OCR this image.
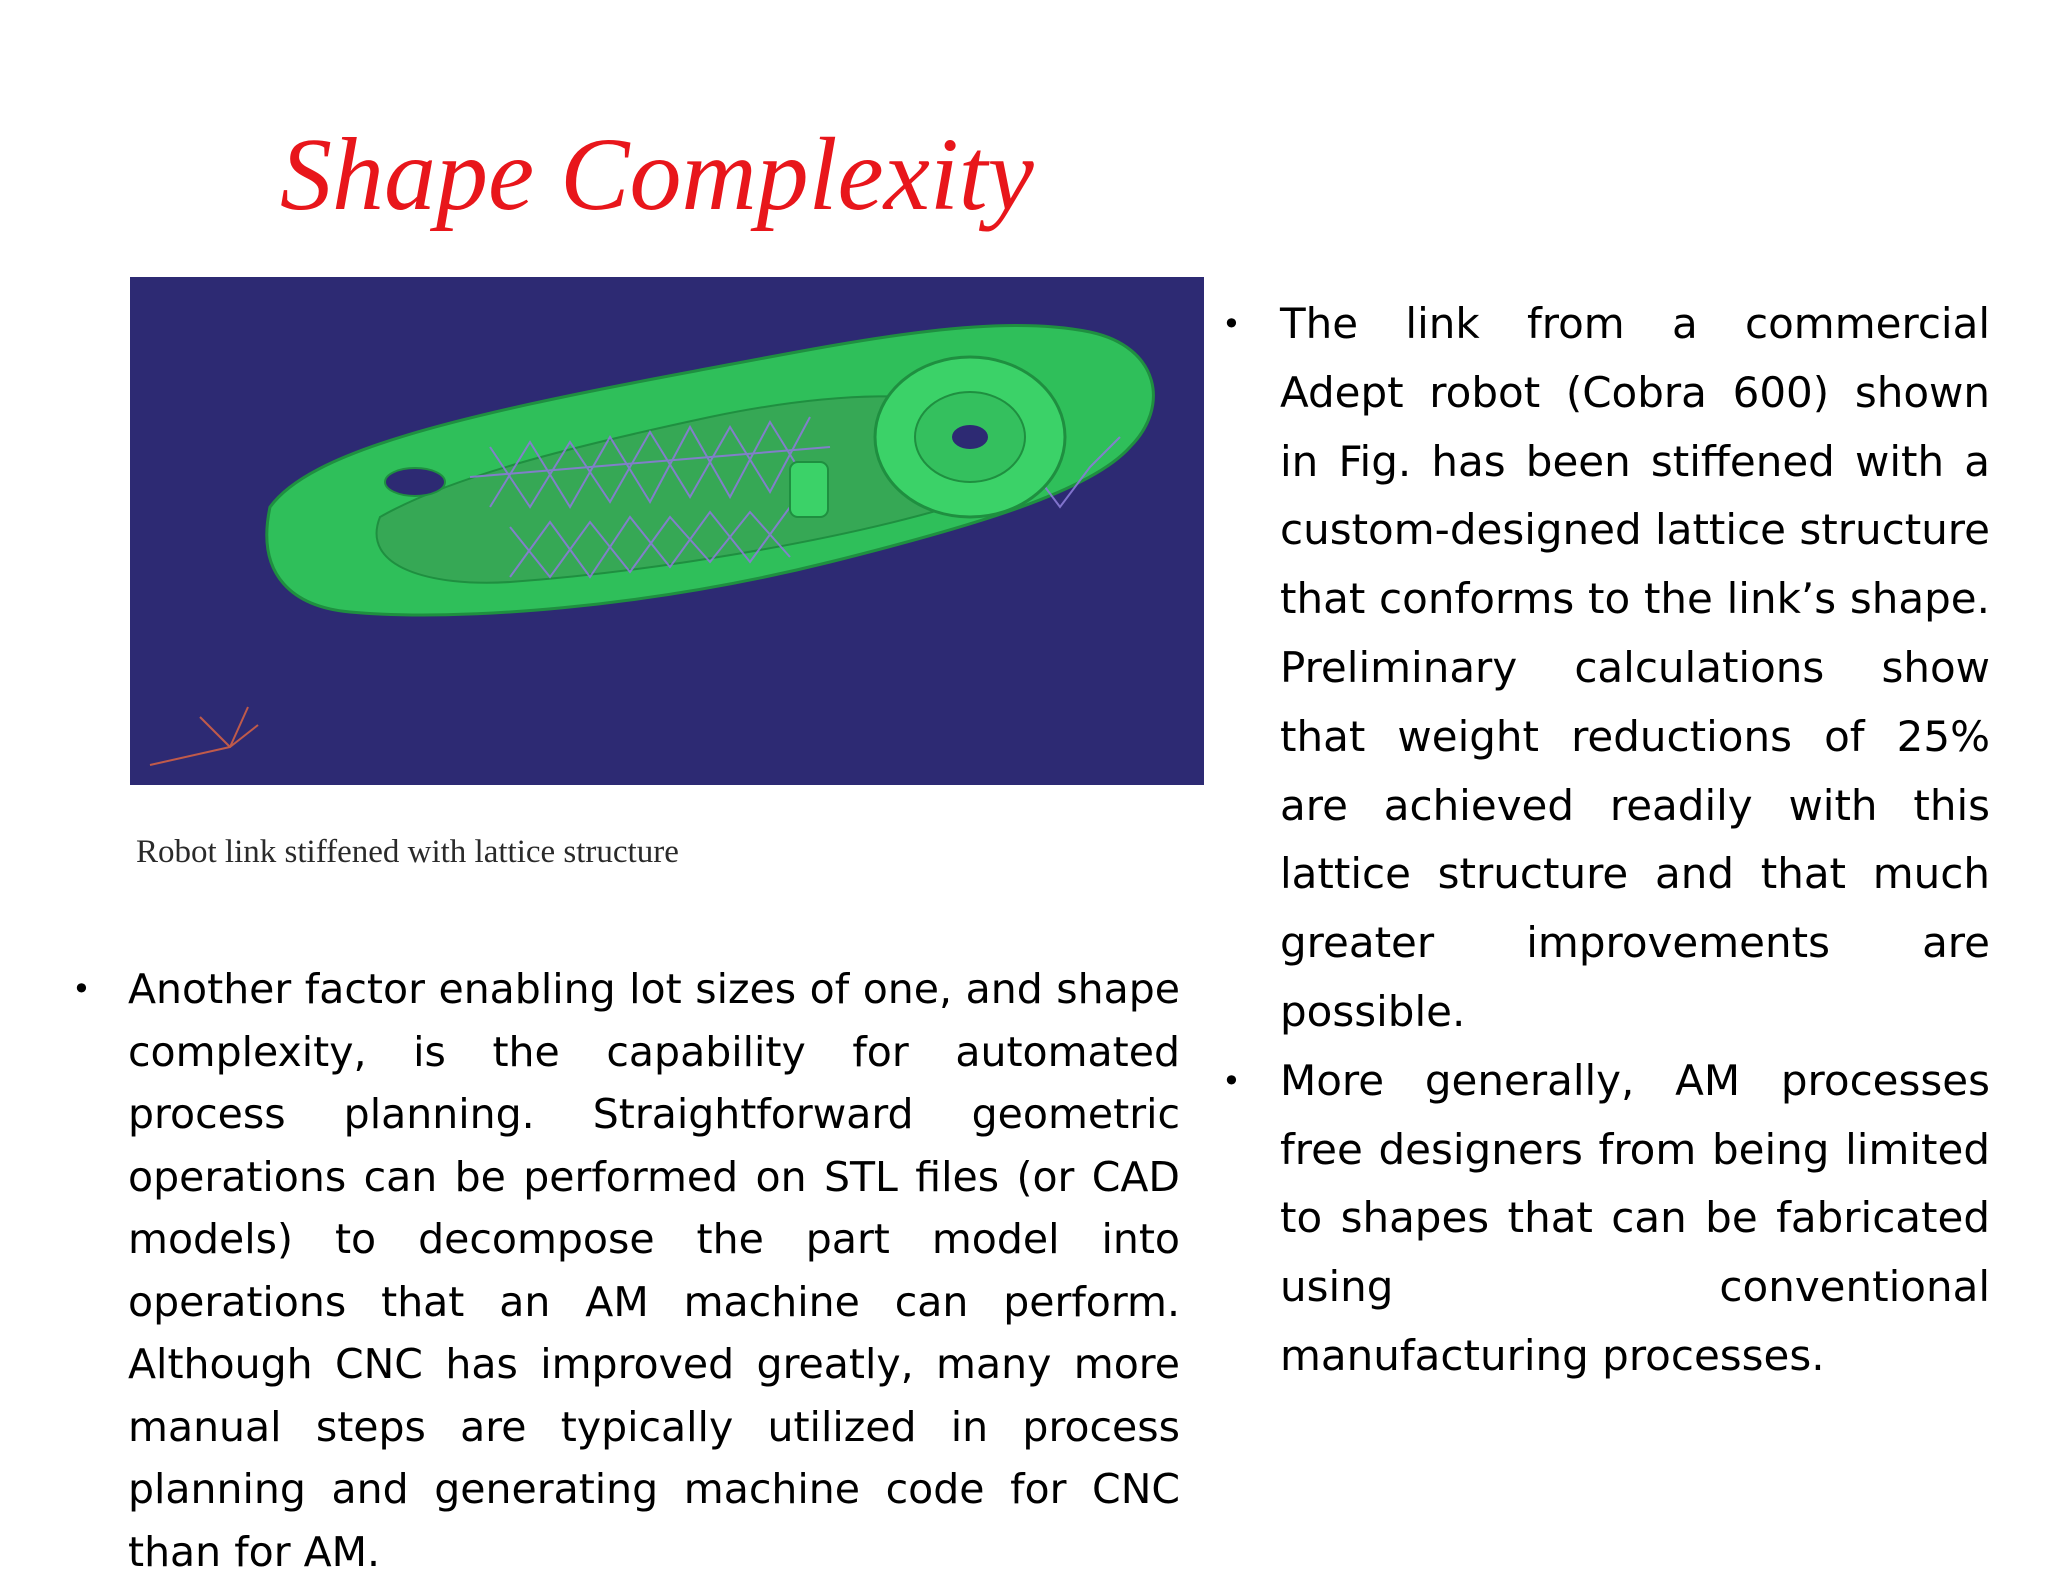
Shape Complexity

Robot link stiffened with lattice structure

• Another factor enabling lot sizes of one, and shape complexity, is the capability for automated process planning. Straightforward geometric operations can be performed on STL files (or CAD models) to decompose the part model into operations that an AM machine can perform. Although CNC has improved greatly, many more manual steps are typically utilized in process planning and generating machine code for CNC than for AM.
• The link from a commercial Adept robot (Cobra 600) shown in Fig. has been stiffened with a custom-designed lattice structure that conforms to the link’s shape. Preliminary calculations show that weight reductions of 25% are achieved readily with this lattice structure and that much greater improvements are possible.
• More generally, AM processes free designers from being limited to shapes that can be fabricated using conventional manufacturing processes.
